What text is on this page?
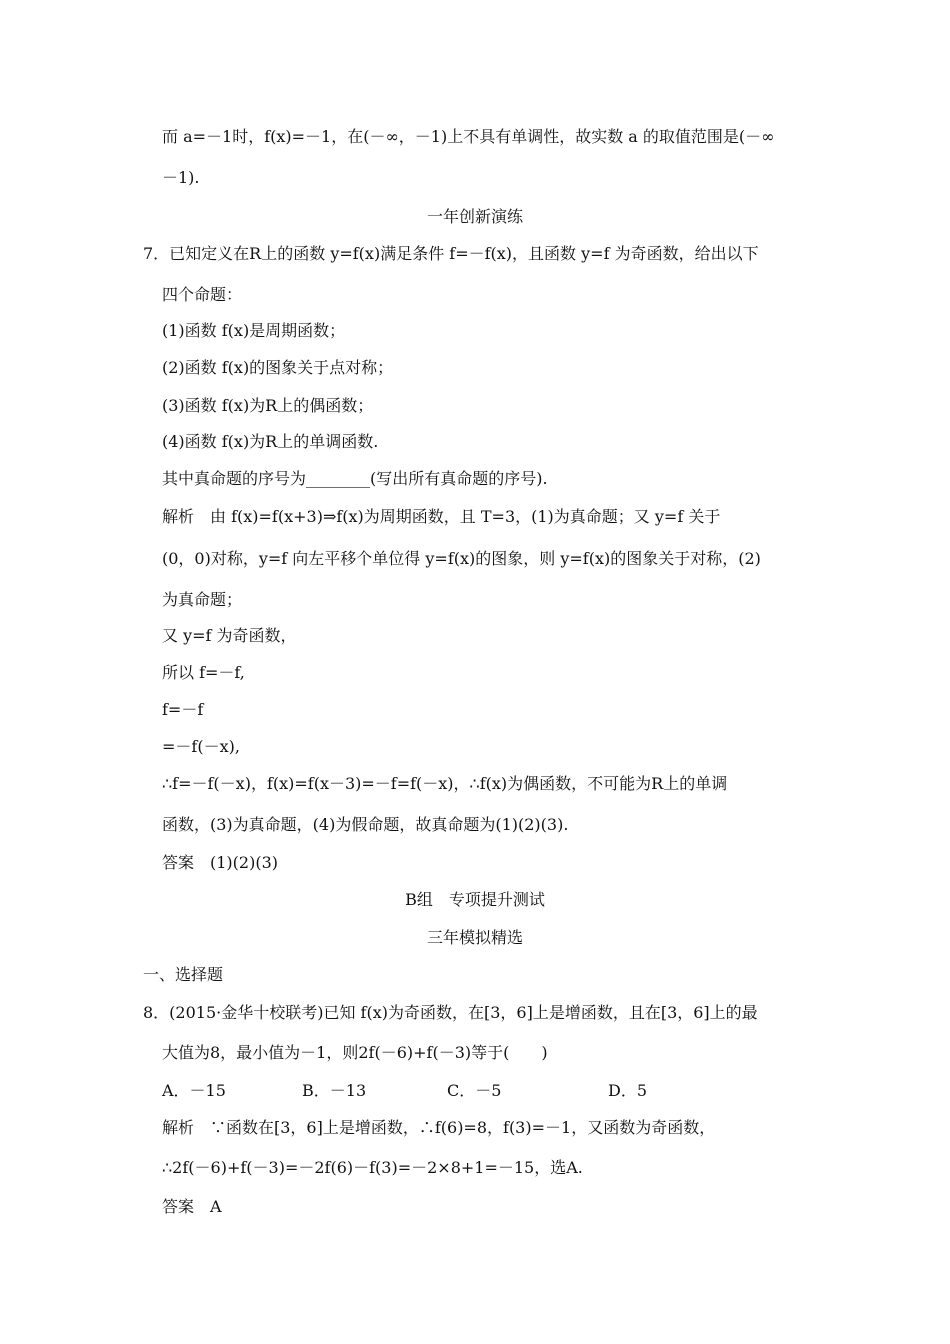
而 a=－1时，f(x)=－1，在(－∞，－1)上不具有单调性，故实数 a 的取值范围是(－∞
－1).
一年创新演练
7．已知定义在R上的函数 y=f(x)满足条件 f=－f(x)，且函数 y=f 为奇函数，给出以下
四个命题：
(1)函数 f(x)是周期函数；
(2)函数 f(x)的图象关于点对称；
(3)函数 f(x)为R上的偶函数；
(4)函数 f(x)为R上的单调函数.
其中真命题的序号为________(写出所有真命题的序号).
解析　由 f(x)=f(x+3)⇒f(x)为周期函数，且 T=3，(1)为真命题；又 y=f 关于
(0，0)对称，y=f 向左平移个单位得 y=f(x)的图象，则 y=f(x)的图象关于对称，(2)
为真命题；
又 y=f 为奇函数，
所以 f=－f,
f=－f
=－f(－x),
∴f=－f(－x)，f(x)=f(x－3)=－f=f(－x)，∴f(x)为偶函数，不可能为R上的单调
函数，(3)为真命题，(4)为假命题，故真命题为(1)(2)(3).
答案　(1)(2)(3)
B组　专项提升测试
三年模拟精选
一、选择题
8．(2015·金华十校联考)已知 f(x)为奇函数，在[3，6]上是增函数，且在[3，6]上的最
大值为8，最小值为－1，则2f(－6)+f(－3)等于(　　)
A．－15	B．－13	C．－5	D．5
解析　∵函数在[3，6]上是增函数，∴f(6)=8，f(3)=－1，又函数为奇函数，
∴2f(－6)+f(－3)=－2f(6)－f(3)=－2×8+1=－15，选A.
答案　A
